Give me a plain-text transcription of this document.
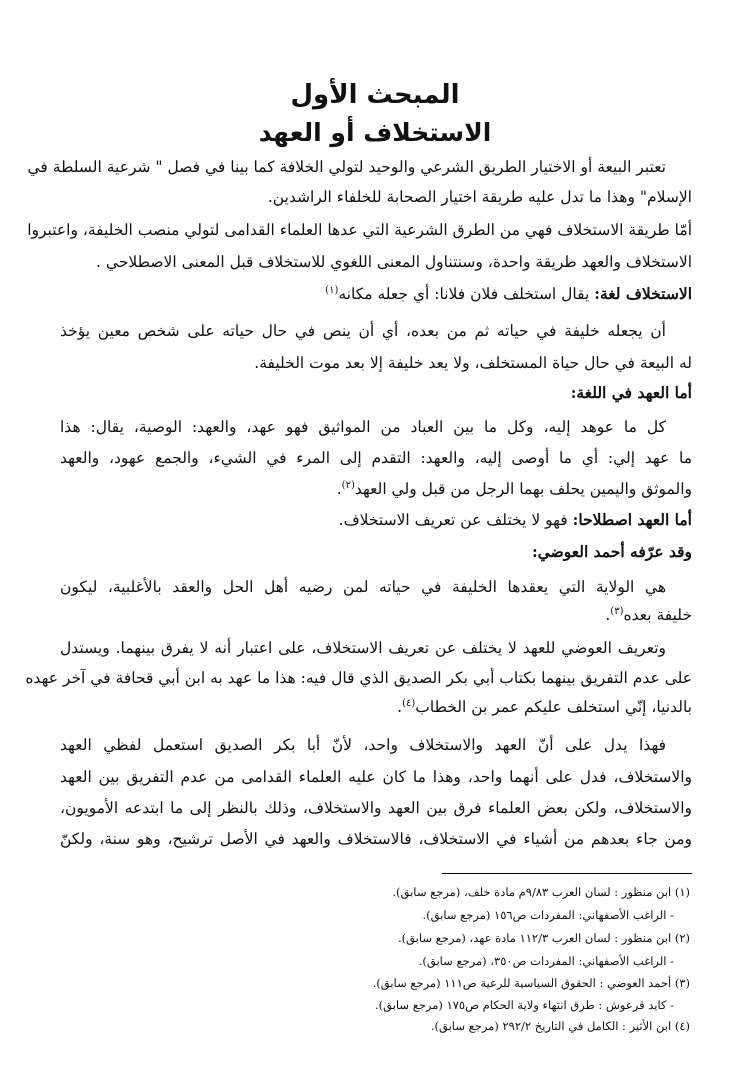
المبحث الأول
الاستخلاف أو العهد
تعتبر البيعة أو الاختيار الطريق الشرعي والوحيد لتولي الخلافة كما بينا في فصل " شرعية السلطة في
الإسلام" وهذا ما تدل عليه طريقة اختيار الصحابة للخلفاء الراشدين.
أمّا طريقة الاستخلاف فهي من الطرق الشرعية التي عدها العلماء القدامى لتولي منصب الخليفة، واعتبروا
الاستخلاف والعهد طريقة واحدة، وسنتناول المعنى اللغوي للاستخلاف قبل المعنى الاصطلاحي .
الاستخلاف لغة: يقال استخلف فلان فلانا: أي جعله مكانه$^{(١)}$
أن يجعله خليفة في حياته ثم من بعده، أي أن ينص في حال حياته على شخص معين يؤخذ
له البيعة في حال حياة المستخلف، ولا يعد خليفة إلا بعد موت الخليفة.
أما العهد في اللغة:
كل ما عوهد إليه، وكل ما بين العباد من المواثيق فهو عهد، والعهد: الوصية، يقال: هذا
ما عهد إلي: أي ما أوصى إليه، والعهد: التقدم إلى المرء في الشيء، والجمع عهود، والعهد
والموثق واليمين يحلف بهما الرجل من قبل ولي العهد$^{(٢)}$.
أما العهد اصطلاحا: فهو لا يختلف عن تعريف الاستخلاف.
وقد عرّفه أحمد العوضي:
هي الولاية التي يعقدها الخليفة في حياته لمن رضيه أهل الحل والعقد بالأغلبية، ليكون
خليفة بعده$^{(٣)}$.
وتعريف العوضي للعهد لا يختلف عن تعريف الاستخلاف، على اعتبار أنه لا يفرق بينهما. ويستدل
على عدم التفريق بينهما بكتاب أبي بكر الصديق الذي قال فيه: هذا ما عهد به ابن أبي قحافة في آخر عهده
بالدنيا، إنّي استخلف عليكم عمر بن الخطاب$^{(٤)}$.
فهذا يدل على أنّ العهد والاستخلاف واحد، لأنّ أبا بكر الصديق استعمل لفظي العهد
والاستخلاف، فدل على أنهما واحد، وهذا ما كان عليه العلماء القدامى من عدم التفريق بين العهد
والاستخلاف، ولكن بعض العلماء فرق بين العهد والاستخلاف، وذلك بالنظر إلى ما ابتدعه الأمويون،
ومن جاء بعدهم من أشياء في الاستخلاف، فالاستخلاف والعهد في الأصل ترشيح، وهو سنة، ولكنّ
(١) ابن منظور : لسان العرب ٩/٨٣م مادة خلف، (مرجع سابق).
- الراغب الأصفهاني: المفردات ص١٥٦ (مرجع سابق).
(٢) ابن منظور : لسان العرب ١١٢/٣ مادة عهد، (مرجع سابق).
- الراغب الأصفهاني: المفردات ص٣٥٠، (مرجع سابق).
(٣) أحمد العوضي : الحقوق السياسية للرعية ص١١١ (مرجع سابق).
- كايد قرعوش : طرق انتهاء ولاية الحكام ص١٧٥ (مرجع سابق).
(٤) ابن الأثير : الكامل في التاريخ ٢٩٢/٢ (مرجع سابق).
